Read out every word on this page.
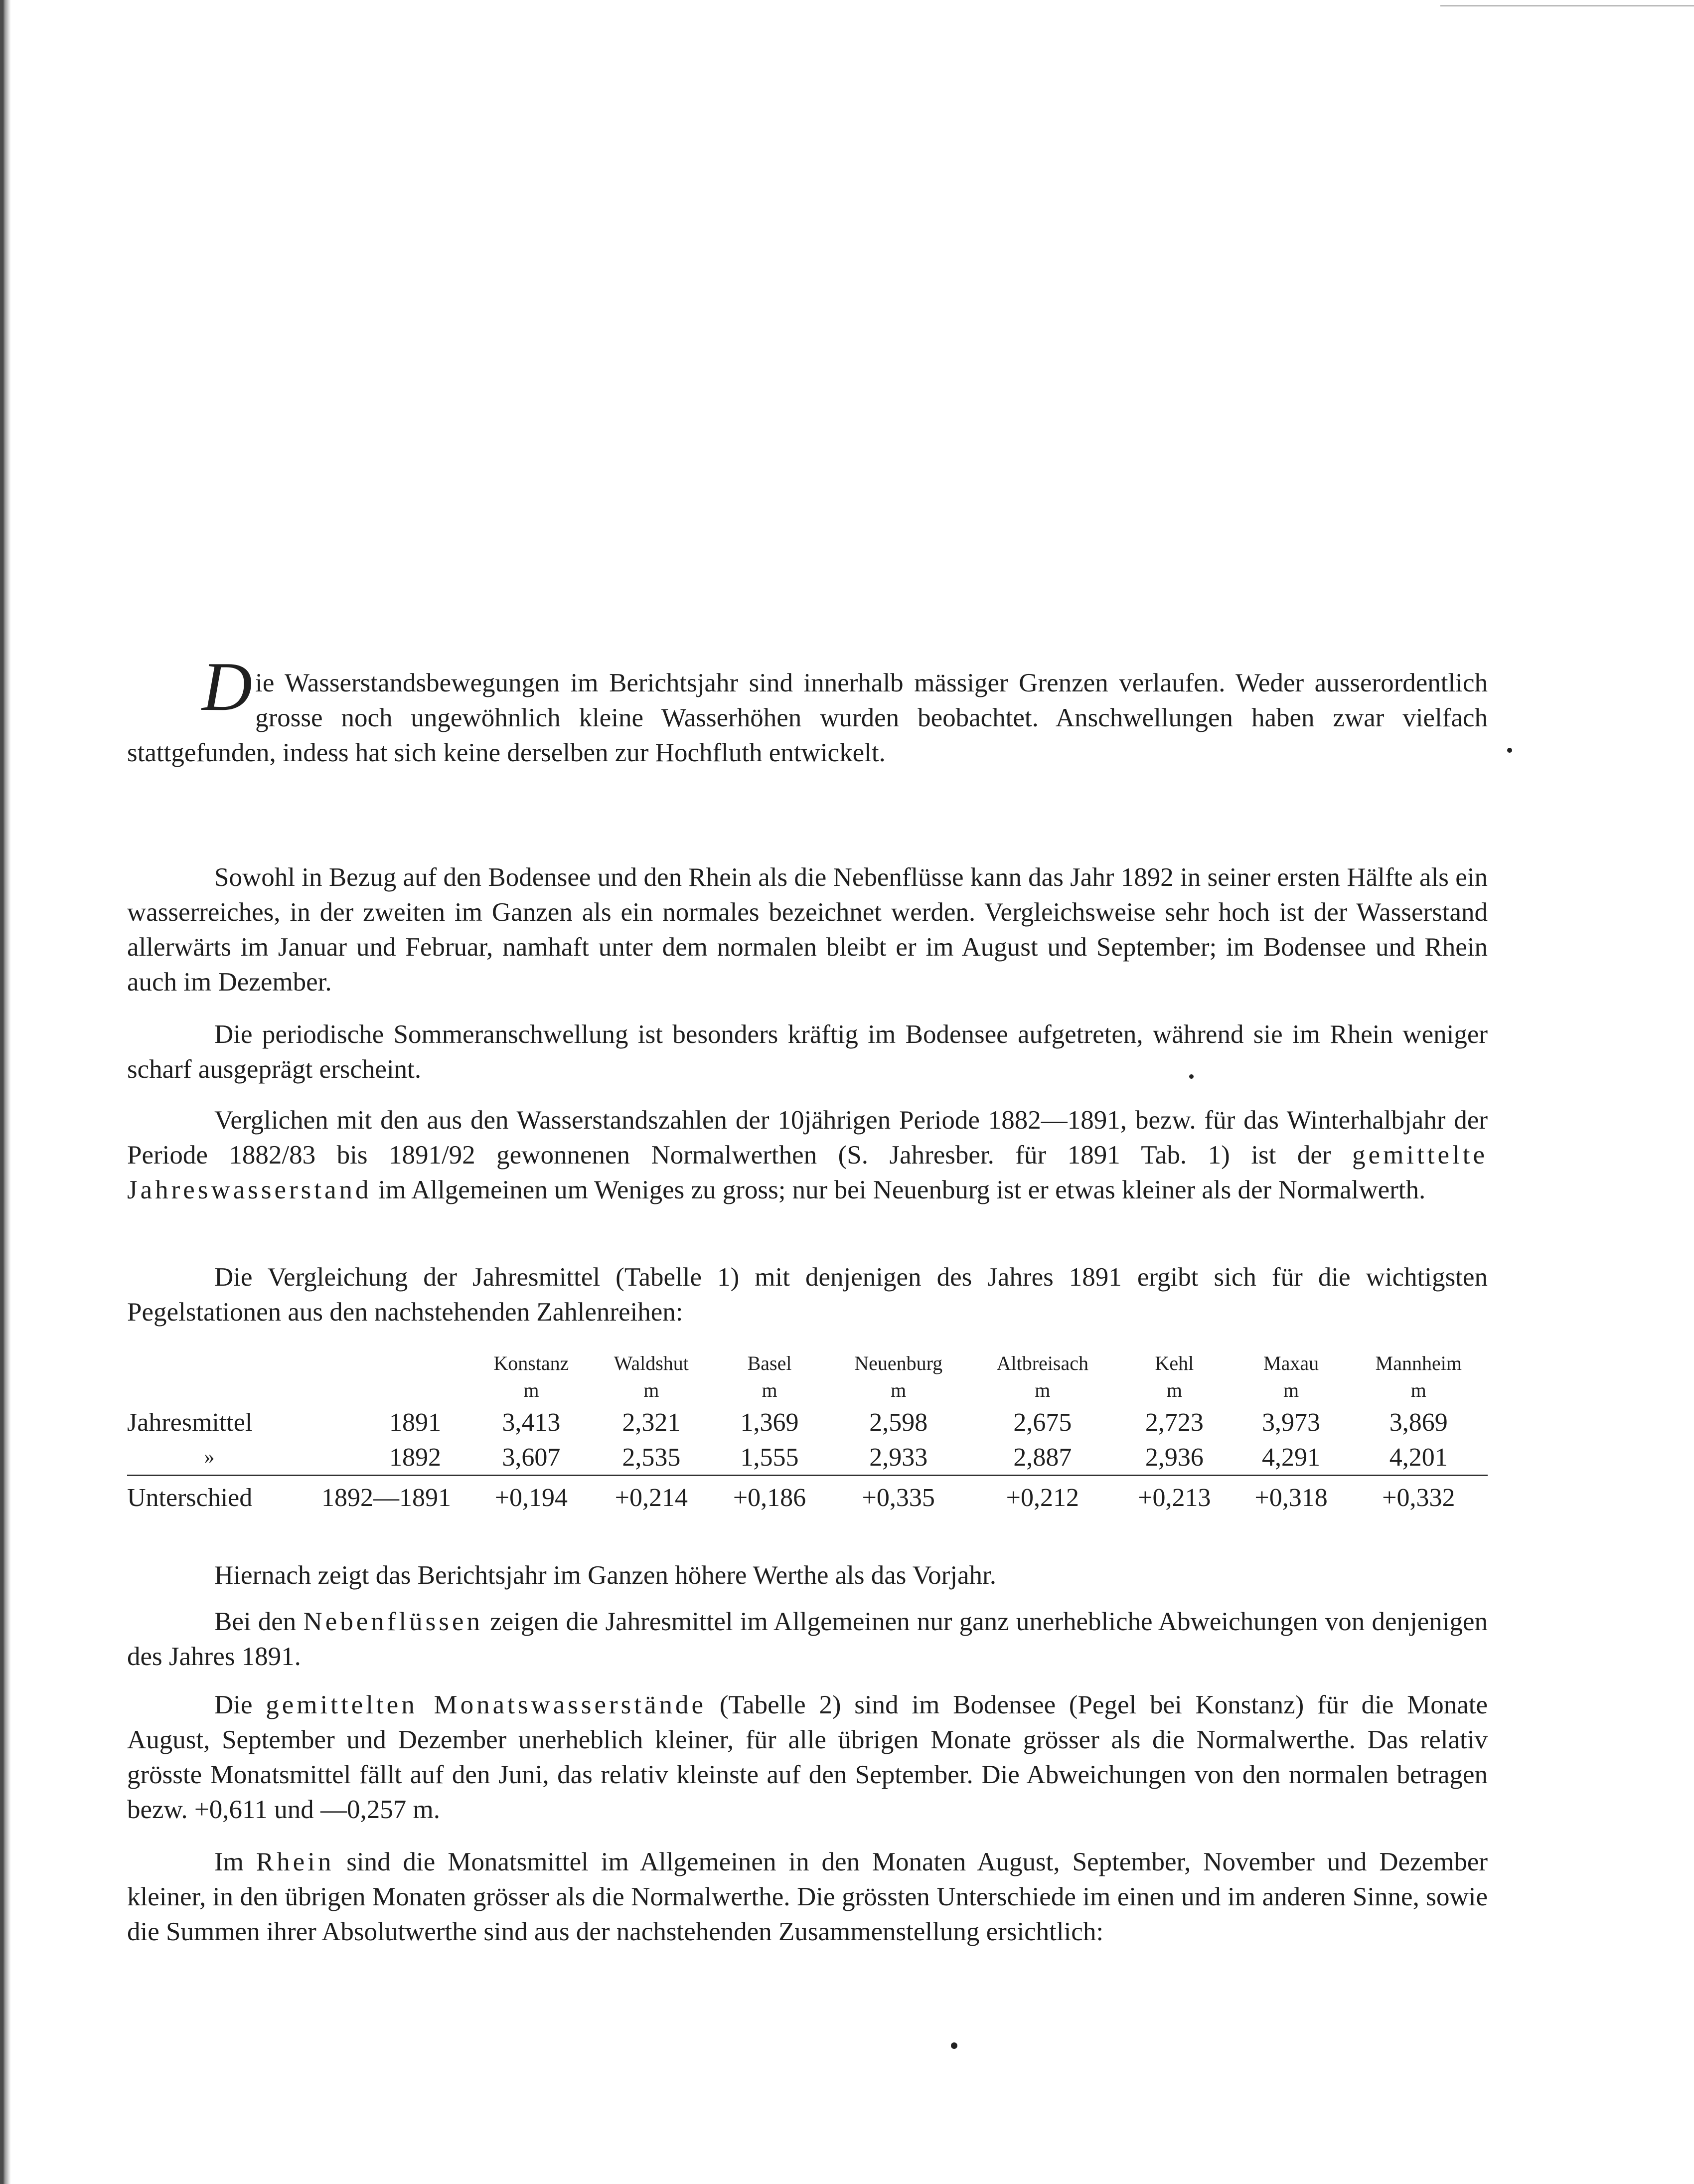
Die Wasserstandsbewegungen im Berichtsjahr sind innerhalb mässiger Grenzen verlaufen. Weder ausserordentlich grosse noch ungewöhnlich kleine Wasserhöhen wurden beobachtet. Anschwellungen haben zwar vielfach stattgefunden, indess hat sich keine derselben zur Hochfluth entwickelt.

Sowohl in Bezug auf den Bodensee und den Rhein als die Nebenflüsse kann das Jahr 1892 in seiner ersten Hälfte als ein wasserreiches, in der zweiten im Ganzen als ein normales bezeichnet werden. Vergleichsweise sehr hoch ist der Wasserstand allerwärts im Januar und Februar, namhaft unter dem normalen bleibt er im August und September; im Bodensee und Rhein auch im Dezember.

Die periodische Sommeranschwellung ist besonders kräftig im Bodensee aufgetreten, während sie im Rhein weniger scharf ausgeprägt erscheint.

Verglichen mit den aus den Wasserstandszahlen der 10jährigen Periode 1882—1891, bezw. für das Winterhalbjahr der Periode 1882/83 bis 1891/92 gewonnenen Normalwerthen (S. Jahresber. für 1891 Tab. 1) ist der gemittelte Jahreswasserstand im Allgemeinen um Weniges zu gross; nur bei Neuenburg ist er etwas kleiner als der Normalwerth.

Die Vergleichung der Jahresmittel (Tabelle 1) mit denjenigen des Jahres 1891 ergibt sich für die wichtigsten Pegelstationen aus den nachstehenden Zahlenreihen:

		Konstanz	Waldshut	Basel	Neuenburg	Altbreisach	Kehl	Maxau	Mannheim
		m	m	m	m	m	m	m	m
Jahresmittel	1891	3,413	2,321	1,369	2,598	2,675	2,723	3,973	3,869
»	1892	3,607	2,535	1,555	2,933	2,887	2,936	4,291	4,201
Unterschied	1892—1891	+0,194	+0,214	+0,186	+0,335	+0,212	+0,213	+0,318	+0,332

Hiernach zeigt das Berichtsjahr im Ganzen höhere Werthe als das Vorjahr.

Bei den Nebenflüssen zeigen die Jahresmittel im Allgemeinen nur ganz unerhebliche Abweichungen von denjenigen des Jahres 1891.

Die gemittelten Monatswasserstände (Tabelle 2) sind im Bodensee (Pegel bei Konstanz) für die Monate August, September und Dezember unerheblich kleiner, für alle übrigen Monate grösser als die Normalwerthe. Das relativ grösste Monatsmittel fällt auf den Juni, das relativ kleinste auf den September. Die Abweichungen von den normalen betragen bezw. +0,611 und —0,257 m.

Im Rhein sind die Monatsmittel im Allgemeinen in den Monaten August, September, November und Dezember kleiner, in den übrigen Monaten grösser als die Normalwerthe. Die grössten Unterschiede im einen und im anderen Sinne, sowie die Summen ihrer Absolutwerthe sind aus der nachstehenden Zusammenstellung ersichtlich:
